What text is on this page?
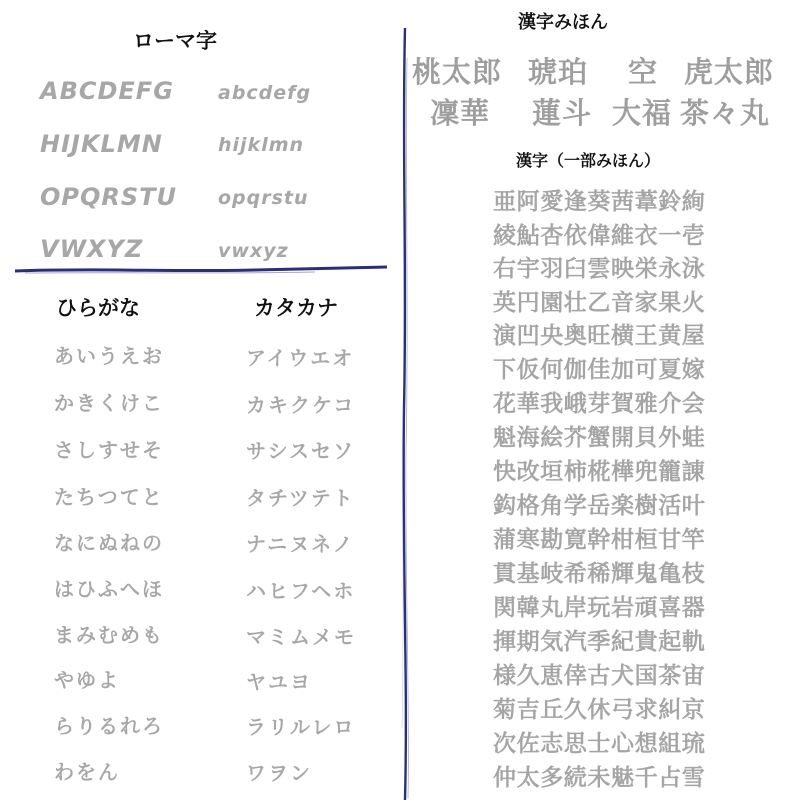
ローマ字
ABCDEFG
HIJKLMN
OPQRSTU
VWXYZ
abcdefg
hijklmn
opqrstu
vwxyz
ひらがな
あいうえお
かきくけこ
さしすせそ
たちつてと
なにぬねの
はひふへほ
まみむめも
やゆよ
らりるれろ
わをん
カタカナ
アイウエオ
カキクケコ
サシスセソ
タチツテト
ナニヌネノ
ハヒフヘホ
マミムメモ
ヤユヨ
ラリルレロ
ワヲン
漢字みほん
桃太郎 琥珀 空 虎太郎
凜華 蓮斗 大福 茶々丸
漢字（一部みほん）
亜阿愛逢葵茜葦鈴絢
綾鮎杏依偉維衣一壱
右宇羽臼雲映栄永泳
英円園壮乙音家果火
演凹央奥旺横王黄屋
下仮何伽佳加可夏嫁
花華我峨芽賀雅介会
魁海絵芥蟹開貝外蛙
快改垣柿椛樺兜籠諌
鈎格角学岳楽樹活叶
蒲寒勘寛幹柑桓甘竿
貫基岐希稀輝鬼亀枝
関韓丸岸玩岩頑喜器
揮期気汽季紀貴起軌
様久恵倖古犬国茶宙
菊吉丘久休弓求糾京
次佐志思士心想組琉
仲太多続未魅千占雪
